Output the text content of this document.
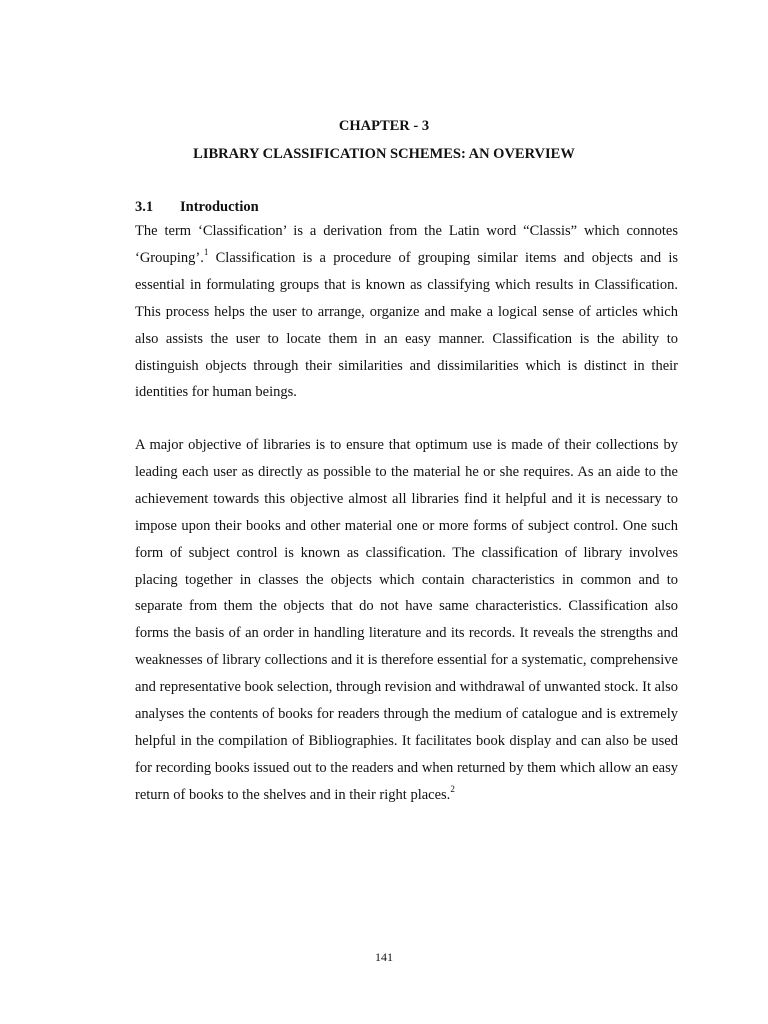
CHAPTER - 3
LIBRARY CLASSIFICATION SCHEMES: AN OVERVIEW
3.1 Introduction

The term ‘Classification’ is a derivation from the Latin word “Classis” which connotes ‘Grouping’.$^1$ Classification is a procedure of grouping similar items and objects and is essential in formulating groups that is known as classifying which results in Classification. This process helps the user to arrange, organize and make a logical sense of articles which also assists the user to locate them in an easy manner. Classification is the ability to distinguish objects through their similarities and dissimilarities which is distinct in their identities for human beings.

A major objective of libraries is to ensure that optimum use is made of their collections by leading each user as directly as possible to the material he or she requires. As an aide to the achievement towards this objective almost all libraries find it helpful and it is necessary to impose upon their books and other material one or more forms of subject control. One such form of subject control is known as classification. The classification of library involves placing together in classes the objects which contain characteristics in common and to separate from them the objects that do not have same characteristics. Classification also forms the basis of an order in handling literature and its records. It reveals the strengths and weaknesses of library collections and it is therefore essential for a systematic, comprehensive and representative book selection, through revision and withdrawal of unwanted stock. It also analyses the contents of books for readers through the medium of catalogue and is extremely helpful in the compilation of Bibliographies. It facilitates book display and can also be used for recording books issued out to the readers and when returned by them which allow an easy return of books to the shelves and in their right places.$^2$

141
